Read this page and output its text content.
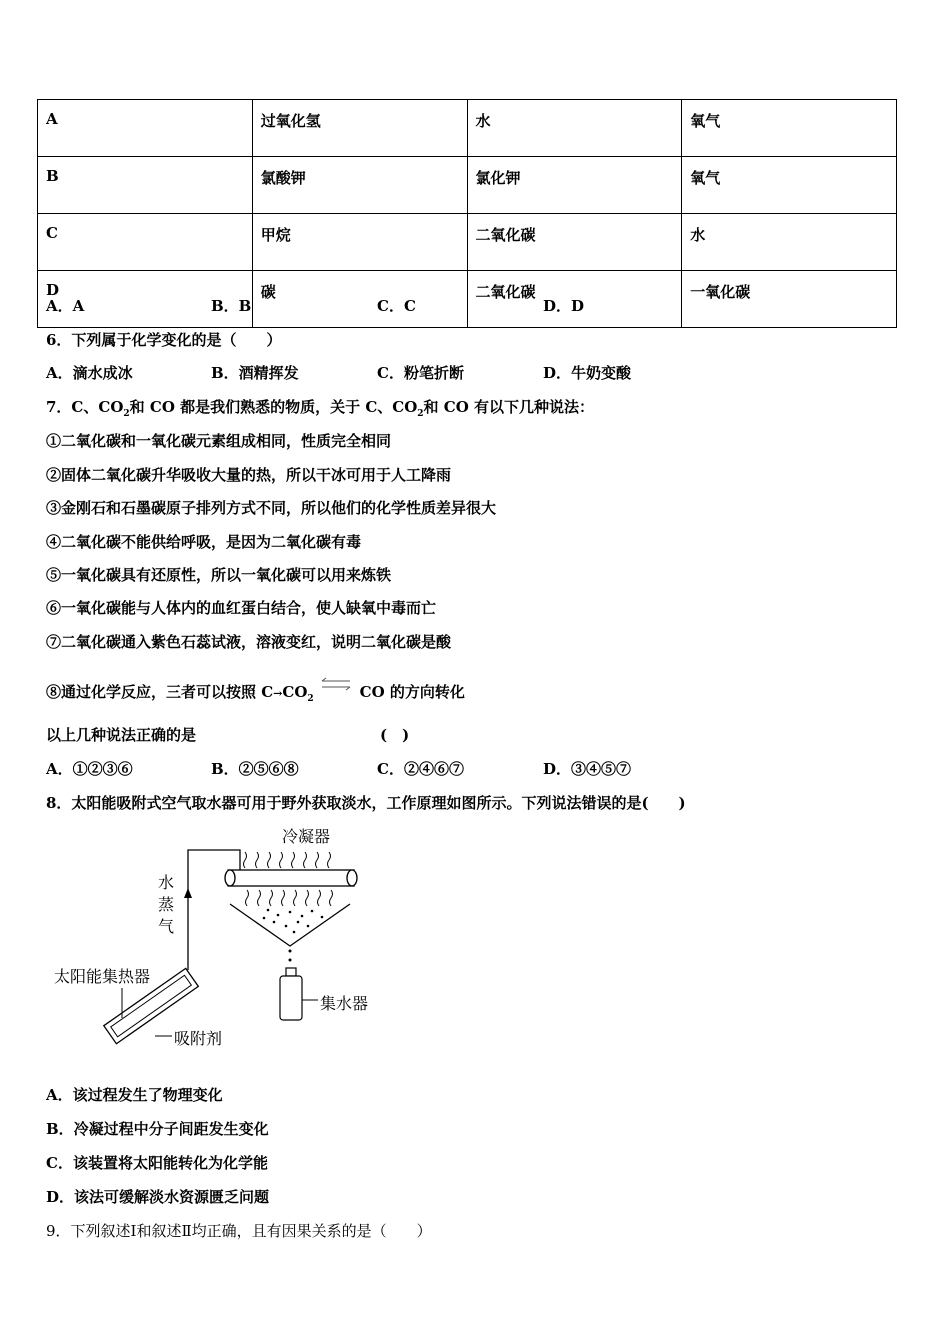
A	过氧化氢	水	氧气
B	氯酸钾	氯化钾	氧气
C	甲烷	二氧化碳	水
D	碳	二氧化碳	一氧化碳
A．A	B．B	C．C	D．D
6．下列属于化学变化的是（　　）
A．滴水成冰	B．酒精挥发	C．粉笔折断	D．牛奶变酸
7．C、$CO_2$和 CO 都是我们熟悉的物质，关于 C、$CO_2$和 CO 有以下几种说法：
①二氧化碳和一氧化碳元素组成相同，性质完全相同
②固体二氧化碳升华吸收大量的热，所以干冰可用于人工降雨
③金刚石和石墨碳原子排列方式不同，所以他们的化学性质差异很大
④二氧化碳不能供给呼吸，是因为二氧化碳有毒
⑤一氧化碳具有还原性，所以一氧化碳可以用来炼铁
⑥一氧化碳能与人体内的血红蛋白结合，使人缺氧中毒而亡
⑦二氧化碳通入紫色石蕊试液，溶液变红，说明二氧化碳是酸
⑧通过化学反应，三者可以按照 $C\to CO_2$ ⇌ CO 的方向转化
以上几种说法正确的是	(　)
A．①②③⑥	B．②⑤⑥⑧	C．②④⑥⑦	D．③④⑤⑦
8．太阳能吸附式空气取水器可用于野外获取淡水，工作原理如图所示。下列说法错误的是(　　)
冷凝器
水
蒸
气
太阳能集热器
集水器
吸附剂
A．该过程发生了物理变化
B．冷凝过程中分子间距发生变化
C．该装置将太阳能转化为化学能
D．该法可缓解淡水资源匮乏问题
9．下列叙述Ⅰ和叙述Ⅱ均正确，且有因果关系的是（　　）
